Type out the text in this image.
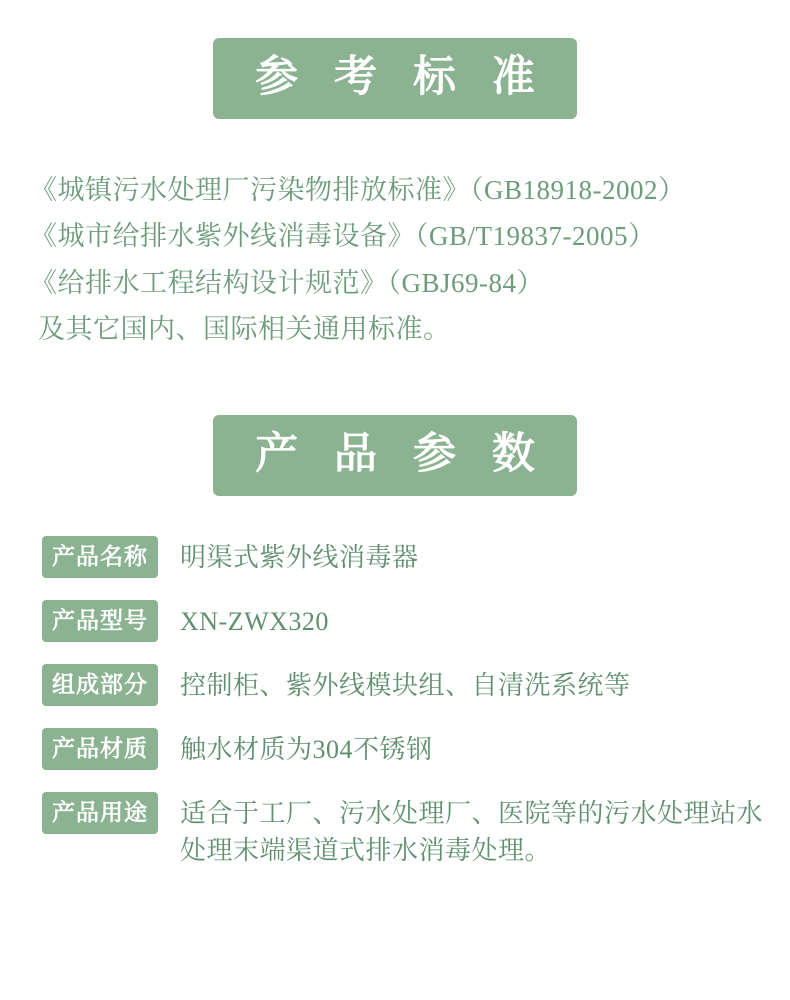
参 考 标 准
《城镇污水处理厂污染物排放标准》（GB18918-2002）
《城市给排水紫外线消毒设备》（GB/T19837-2005）
《给排水工程结构设计规范》（GBJ69-84）
及其它国内、国际相关通用标准。
产 品 参 数
产品名称	明渠式紫外线消毒器
产品型号	XN-ZWX320
组成部分	控制柜、紫外线模块组、自清洗系统等
产品材质	触水材质为304不锈钢
产品用途	适合于工厂、污水处理厂、医院等的污水处理站水处理末端渠道式排水消毒处理。
